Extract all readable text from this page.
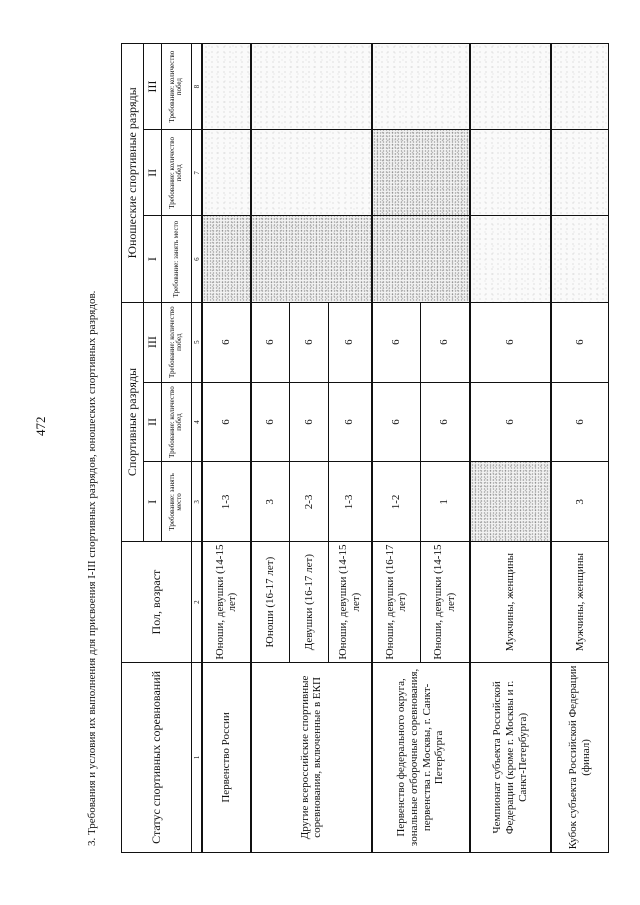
472	3. Требования и условия их выполнения для присвоения I-III спортивных разрядов, юношеских спортивных разрядов.	Статус спортивных соревнований	Пол, возраст	Спортивные разряды			Юношеские спортивные разряды		
		I	II	III	I	II	III
		Требование: занять место	Требование: количество побед	Требование: количество побед	Требование: занять место	Требование: количество побед	Требование: количество побед
1	2	3	4	5	6	7	8
Первенство России	Юноши, девушки (14-15 лет)	1-3	6	6			
Другие всероссийские спортивные соревнования, включенные в ЕКП	Юноши (16-17 лет)	3	6	6			
	Девушки (16-17 лет)	2-3	6	6			
	Юноши, девушки (14-15 лет)	1-3	6	6			
Первенство федерального округа, зональные отборочные соревнования, первенства г. Москвы, г. Санкт-Петербурга	Юноши, девушки (16-17 лет)	1-2	6	6			
	Юноши, девушки (14-15 лет)	1	6	6			
Чемпионат субъекта Российской Федерации (кроме г. Москвы и г. Санкт-Петербурга)	Мужчины, женщины		6	6			
Кубок субъекта Российской Федерации (финал)	Мужчины, женщины	3	6	6			
